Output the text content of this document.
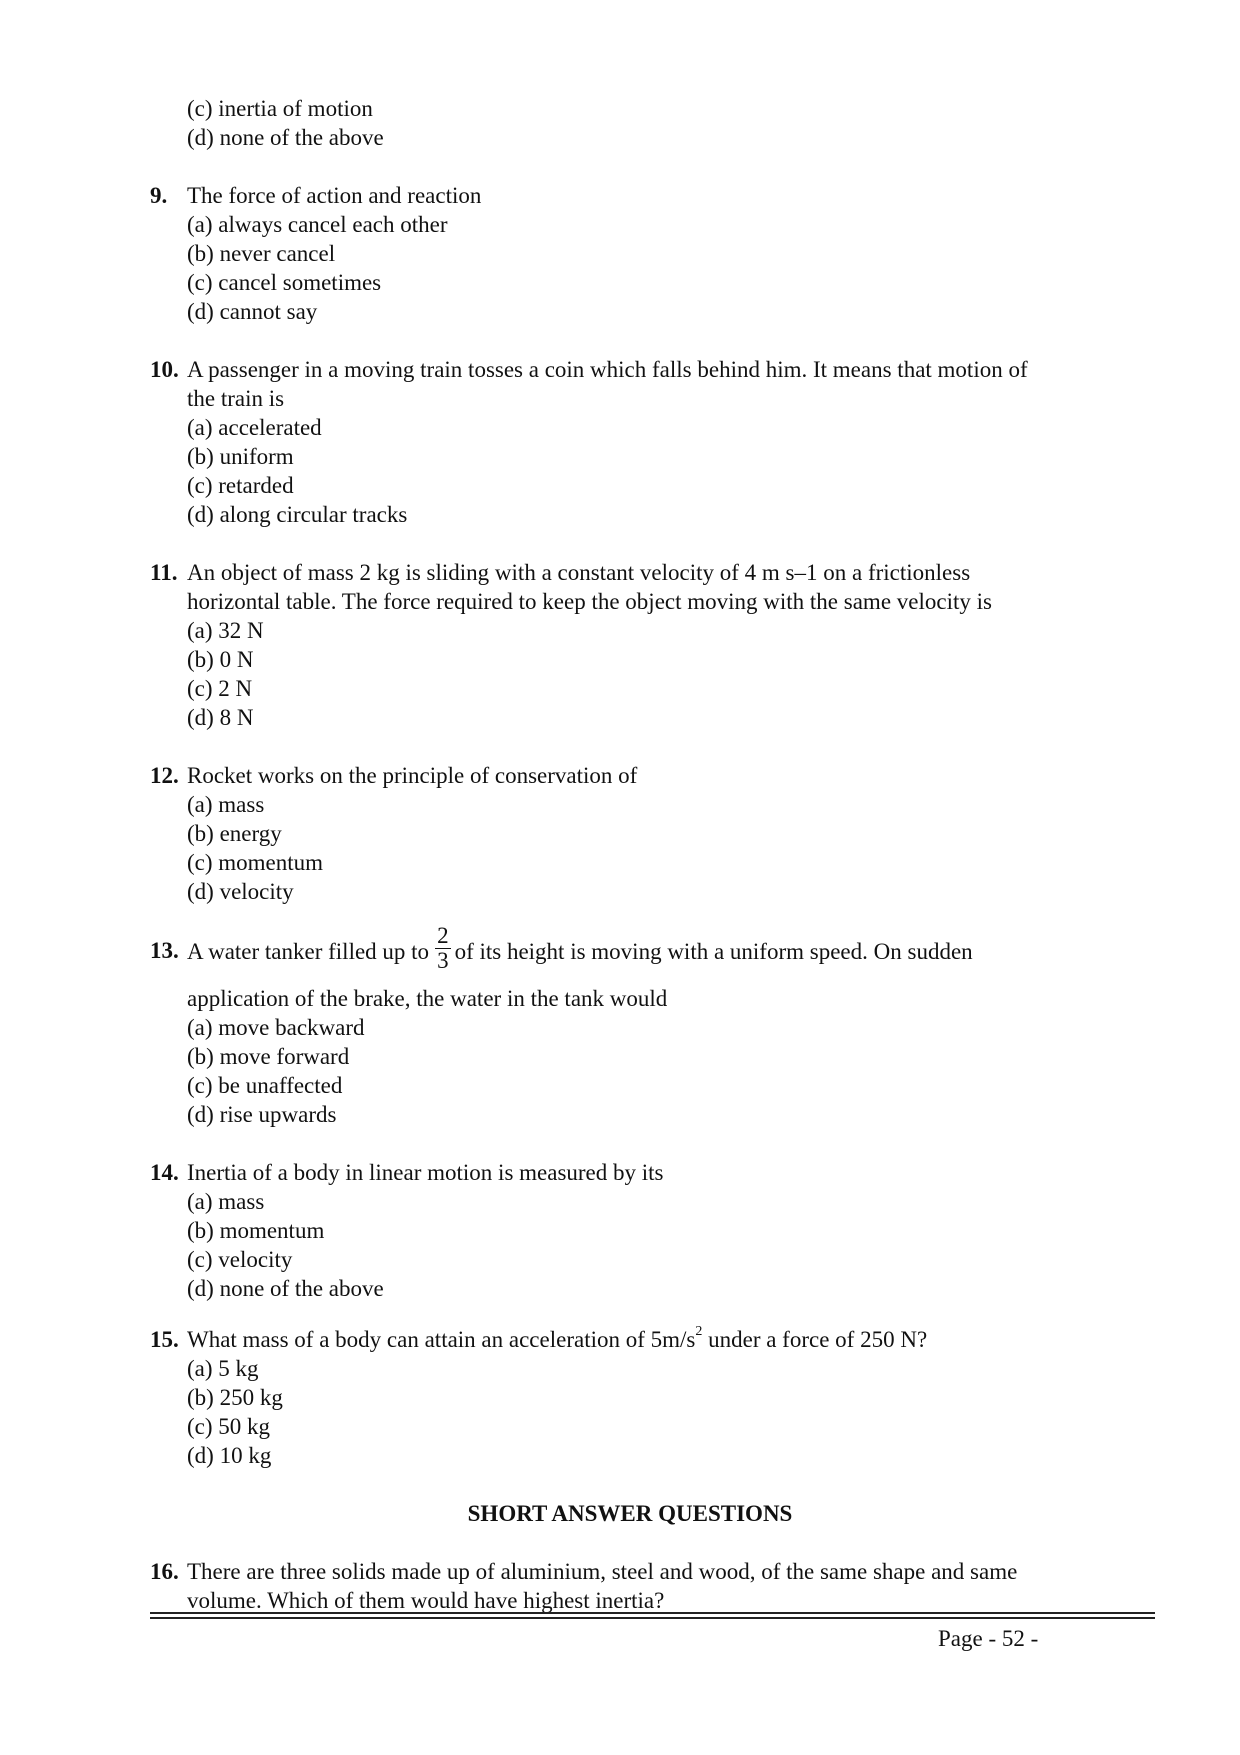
(c) inertia of motion
(d) none of the above
9. The force of action and reaction
(a) always cancel each other
(b) never cancel
(c) cancel sometimes
(d) cannot say
10. A passenger in a moving train tosses a coin which falls behind him. It means that motion of
the train is
(a) accelerated
(b) uniform
(c) retarded
(d) along circular tracks
11. An object of mass 2 kg is sliding with a constant velocity of 4 m s–1 on a frictionless
horizontal table. The force required to keep the object moving with the same velocity is
(a) 32 N
(b) 0 N
(c) 2 N
(d) 8 N
12. Rocket works on the principle of conservation of
(a) mass
(b) energy
(c) momentum
(d) velocity
13. A water tanker filled up to $\frac{2}{3}$ of its height is moving with a uniform speed. On sudden
application of the brake, the water in the tank would
(a) move backward
(b) move forward
(c) be unaffected
(d) rise upwards
14. Inertia of a body in linear motion is measured by its
(a) mass
(b) momentum
(c) velocity
(d) none of the above
15. What mass of a body can attain an acceleration of $5m/s^2$ under a force of 250 N?
(a) 5 kg
(b) 250 kg
(c) 50 kg
(d) 10 kg
SHORT ANSWER QUESTIONS
16. There are three solids made up of aluminium, steel and wood, of the same shape and same
volume. Which of them would have highest inertia?
Page - 52 -
